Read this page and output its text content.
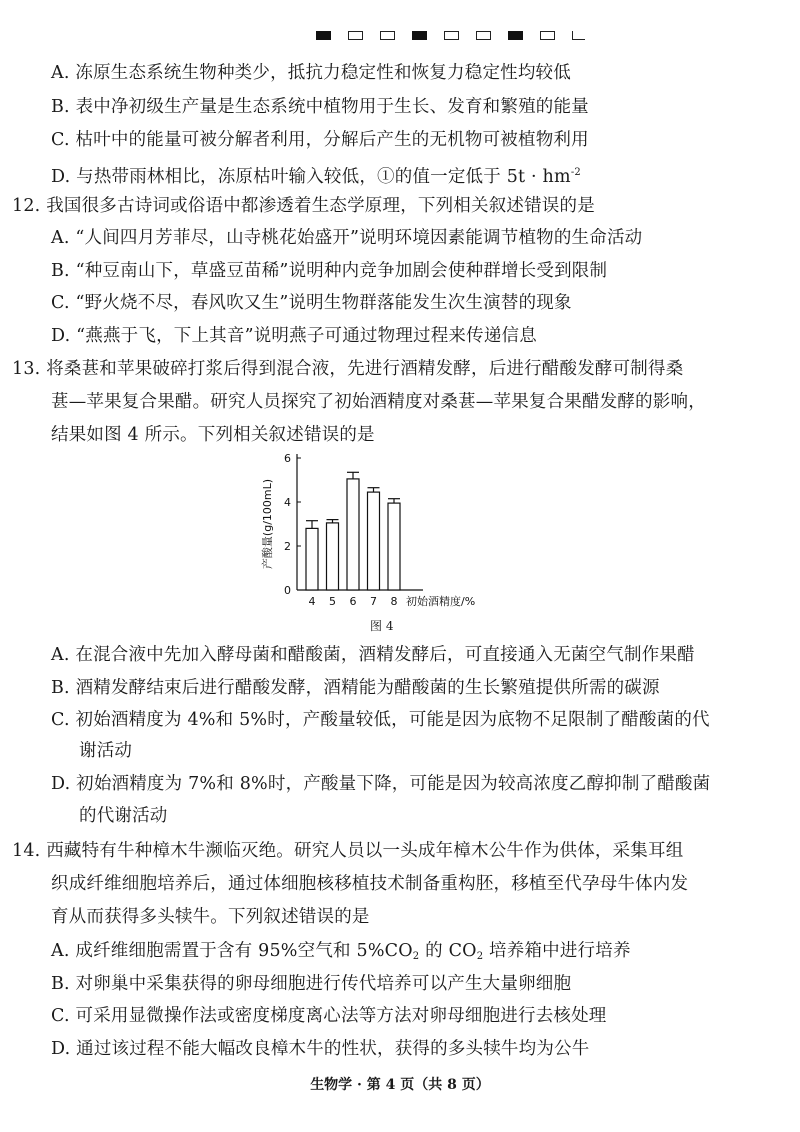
A. 冻原生态系统生物种类少，抵抗力稳定性和恢复力稳定性均较低
B. 表中净初级生产量是生态系统中植物用于生长、发育和繁殖的能量
C. 枯叶中的能量可被分解者利用，分解后产生的无机物可被植物利用
D. 与热带雨林相比，冻原枯叶输入较低，①的值一定低于 $5t \cdot hm^{-2}$
12. 我国很多古诗词或俗语中都渗透着生态学原理，下列相关叙述错误的是
A. “人间四月芳菲尽，山寺桃花始盛开”说明环境因素能调节植物的生命活动
B. “种豆南山下，草盛豆苗稀”说明种内竞争加剧会使种群增长受到限制
C. “野火烧不尽，春风吹又生”说明生物群落能发生次生演替的现象
D. “燕燕于飞，下上其音”说明燕子可通过物理过程来传递信息
13. 将桑葚和苹果破碎打浆后得到混合液，先进行酒精发酵，后进行醋酸发酵可制得桑
葚—苹果复合果醋。研究人员探究了初始酒精度对桑葚—苹果复合果醋发酵的影响，
结果如图 4 所示。下列相关叙述错误的是
0
2
4
6
4 5 6 7 8 初始酒精度/%
产酸量(g/100mL)
图 4
A. 在混合液中先加入酵母菌和醋酸菌，酒精发酵后，可直接通入无菌空气制作果醋
B. 酒精发酵结束后进行醋酸发酵，酒精能为醋酸菌的生长繁殖提供所需的碳源
C. 初始酒精度为 4%和 5%时，产酸量较低，可能是因为底物不足限制了醋酸菌的代
谢活动
D. 初始酒精度为 7%和 8%时，产酸量下降，可能是因为较高浓度乙醇抑制了醋酸菌
的代谢活动
14. 西藏特有牛种樟木牛濒临灭绝。研究人员以一头成年樟木公牛作为供体，采集耳组
织成纤维细胞培养后，通过体细胞核移植技术制备重构胚，移植至代孕母牛体内发
育从而获得多头犊牛。下列叙述错误的是
A. 成纤维细胞需置于含有 95%空气和 $5\%CO_2$ 的 $CO_2$ 培养箱中进行培养
B. 对卵巢中采集获得的卵母细胞进行传代培养可以产生大量卵细胞
C. 可采用显微操作法或密度梯度离心法等方法对卵母细胞进行去核处理
D. 通过该过程不能大幅改良樟木牛的性状，获得的多头犊牛均为公牛
生物学 · 第 4 页（共 8 页）
